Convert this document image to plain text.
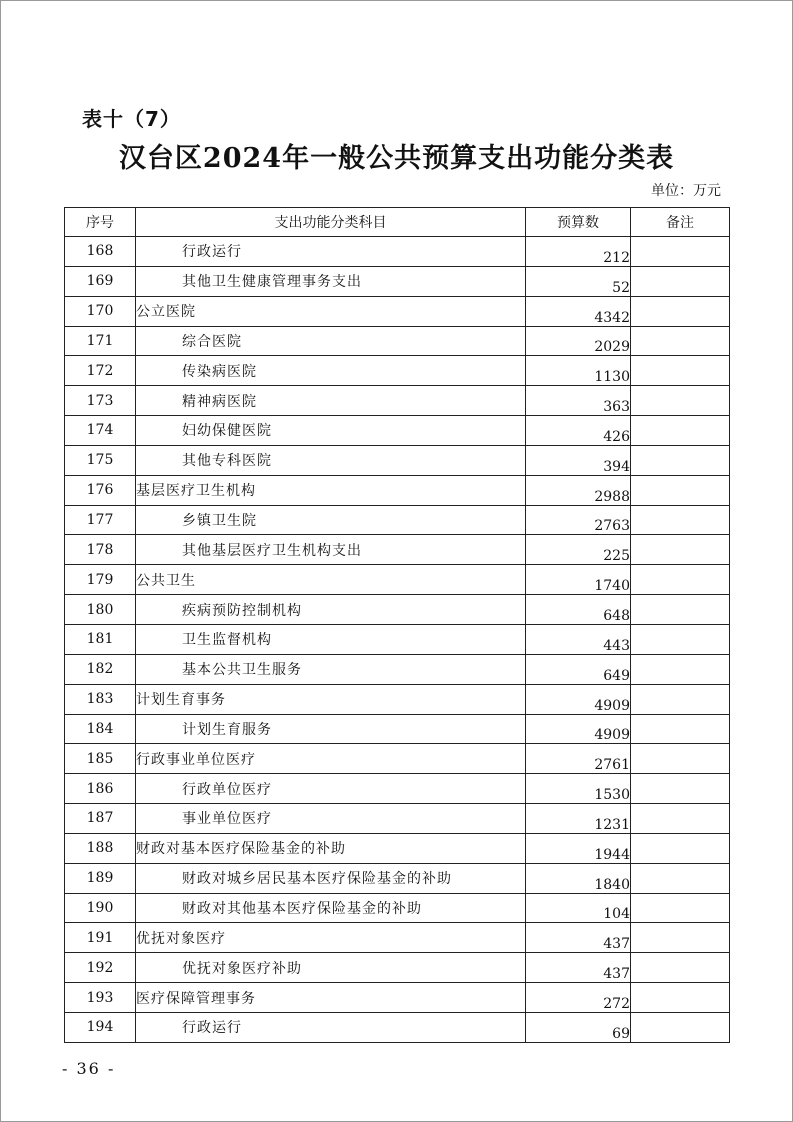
表十（7）
汉台区2024年一般公共预算支出功能分类表
单位：万元
序号	支出功能分类科目	预算数	备注
168	行政运行	212	
169	其他卫生健康管理事务支出	52	
170	公立医院	4342	
171	综合医院	2029	
172	传染病医院	1130	
173	精神病医院	363	
174	妇幼保健医院	426	
175	其他专科医院	394	
176	基层医疗卫生机构	2988	
177	乡镇卫生院	2763	
178	其他基层医疗卫生机构支出	225	
179	公共卫生	1740	
180	疾病预防控制机构	648	
181	卫生监督机构	443	
182	基本公共卫生服务	649	
183	计划生育事务	4909	
184	计划生育服务	4909	
185	行政事业单位医疗	2761	
186	行政单位医疗	1530	
187	事业单位医疗	1231	
188	财政对基本医疗保险基金的补助	1944	
189	财政对城乡居民基本医疗保险基金的补助	1840	
190	财政对其他基本医疗保险基金的补助	104	
191	优抚对象医疗	437	
192	优抚对象医疗补助	437	
193	医疗保障管理事务	272	
194	行政运行	69	
- 36 -
